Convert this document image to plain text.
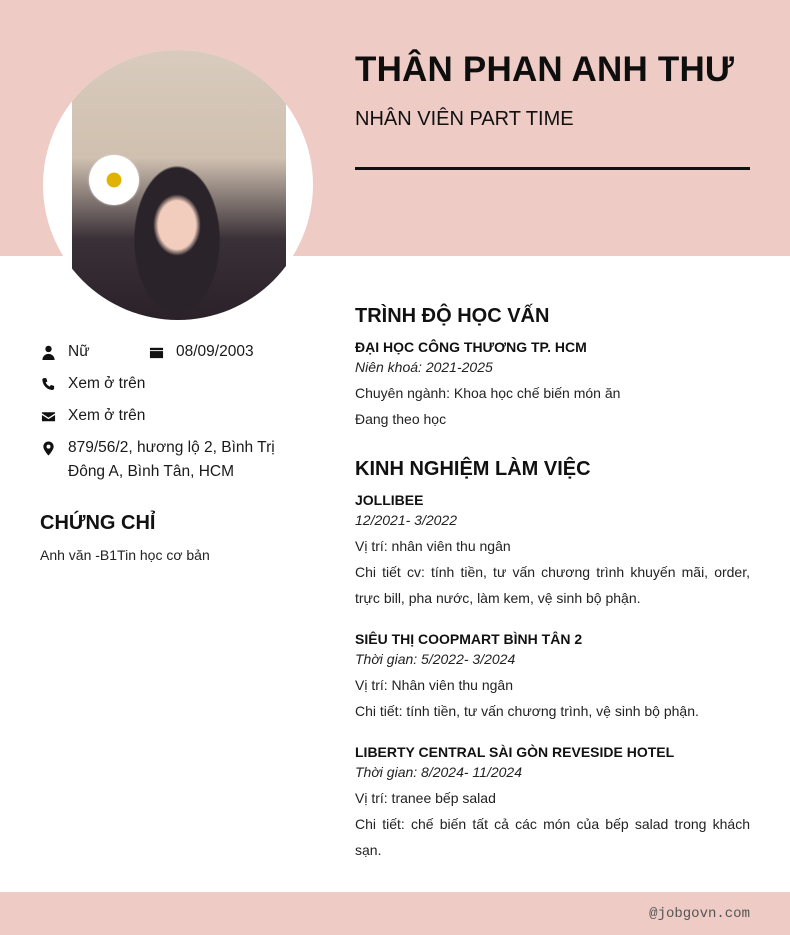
THÂN PHAN ANH THƯ
NHÂN VIÊN PART TIME
Nữ	08/09/2003
Xem ở trên
Xem ở trên
879/56/2, hương lộ 2, Bình Trị
Đông A, Bình Tân, HCM
CHỨNG CHỈ
Anh văn -B1Tin học cơ bản
TRÌNH ĐỘ HỌC VẤN
ĐẠI HỌC CÔNG THƯƠNG TP. HCM
Niên khoá: 2021-2025
Chuyên ngành: Khoa học chế biến món ăn
Đang theo học
KINH NGHIỆM LÀM VIỆC
JOLLIBEE
12/2021- 3/2022
Vị trí: nhân viên thu ngân
Chi tiết cv: tính tiền, tư vấn chương trình khuyến mãi, order, trực bill, pha nước, làm kem, vệ sinh bộ phận.
SIÊU THỊ COOPMART BÌNH TÂN 2
Thời gian: 5/2022- 3/2024
Vị trí: Nhân viên thu ngân
Chi tiết: tính tiền, tư vấn chương trình, vệ sinh bộ phận.
LIBERTY CENTRAL SÀI GÒN REVESIDE HOTEL
Thời gian: 8/2024- 11/2024
Vị trí: tranee bếp salad
Chi tiết: chế biến tất cả các món của bếp salad trong khách sạn.
@jobgovn.com
